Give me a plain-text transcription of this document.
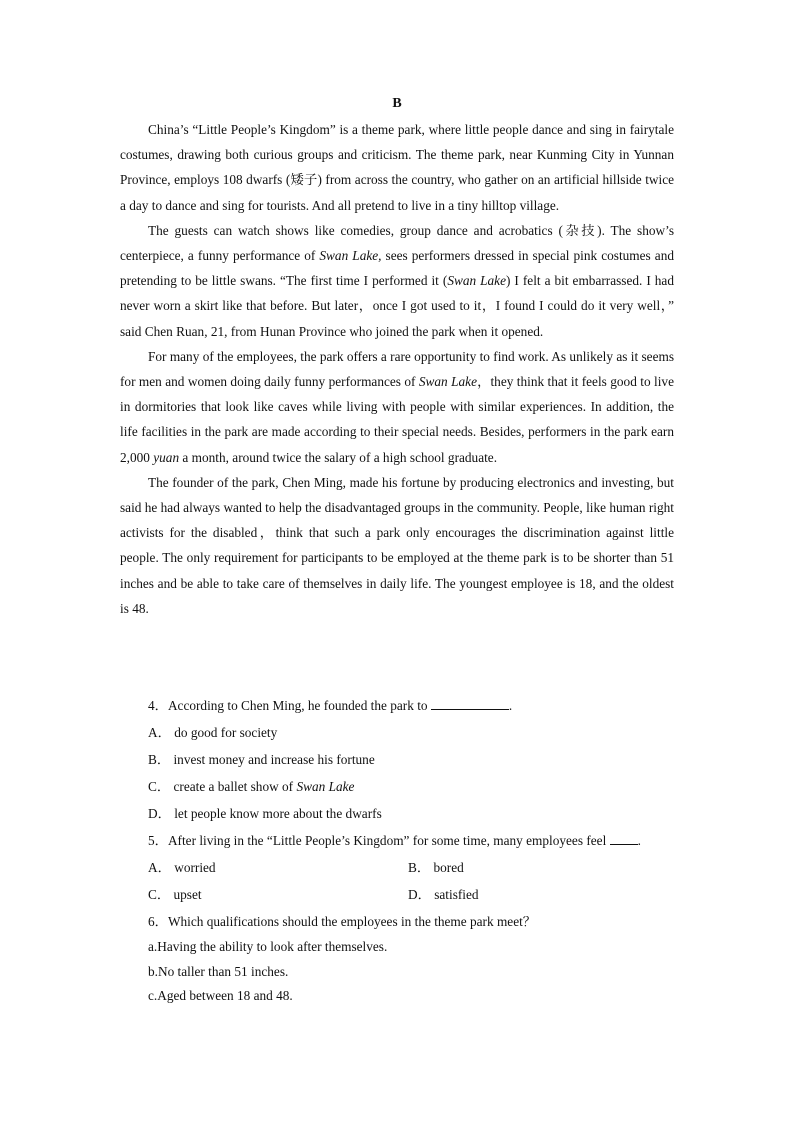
B

China’s “Little People’s Kingdom” is a theme park, where little people dance and sing in fairytale costumes, drawing both curious groups and criticism. The theme park, near Kunming City in Yunnan Province, employs 108 dwarfs (矮子) from across the country, who gather on an artificial hillside twice a day to dance and sing for tourists. And all pretend to live in a tiny hilltop village.

The guests can watch shows like comedies, group dance and acrobatics (杂技). The show’s centerpiece, a funny performance of Swan Lake, sees performers dressed in special pink costumes and pretending to be little swans. “The first time I performed it (Swan Lake) I felt a bit embarrassed. I had never worn a skirt like that before. But later，once I got used to it，I found I could do it very well，” said Chen Ruan, 21, from Hunan Province who joined the park when it opened.

For many of the employees, the park offers a rare opportunity to find work. As unlikely as it seems for men and women doing daily funny performances of Swan Lake，they think that it feels good to live in dormitories that look like caves while living with people with similar experiences. In addition, the life facilities in the park are made according to their special needs. Besides, performers in the park earn 2,000 yuan a month, around twice the salary of a high school graduate.

The founder of the park, Chen Ming, made his fortune by producing electronics and investing, but said he had always wanted to help the disadvantaged groups in the community. People, like human right activists for the disabled，think that such a park only encourages the discrimination against little people. The only requirement for participants to be employed at the theme park is to be shorter than 51 inches and be able to take care of themselves in daily life. The youngest employee is 18, and the oldest is 48.

4．According to Chen Ming, he founded the park to	.
A． do good for society
B． invest money and increase his fortune
C． create a ballet show of Swan Lake
D． let people know more about the dwarfs
5．After living in the “Little People’s Kingdom” for some time, many employees feel .
A． worried	B． bored
C． upset	D． satisfied
6．Which qualifications should the employees in the theme park meet？
a.Having the ability to look after themselves.
b.No taller than 51 inches.
c.Aged between 18 and 48.
